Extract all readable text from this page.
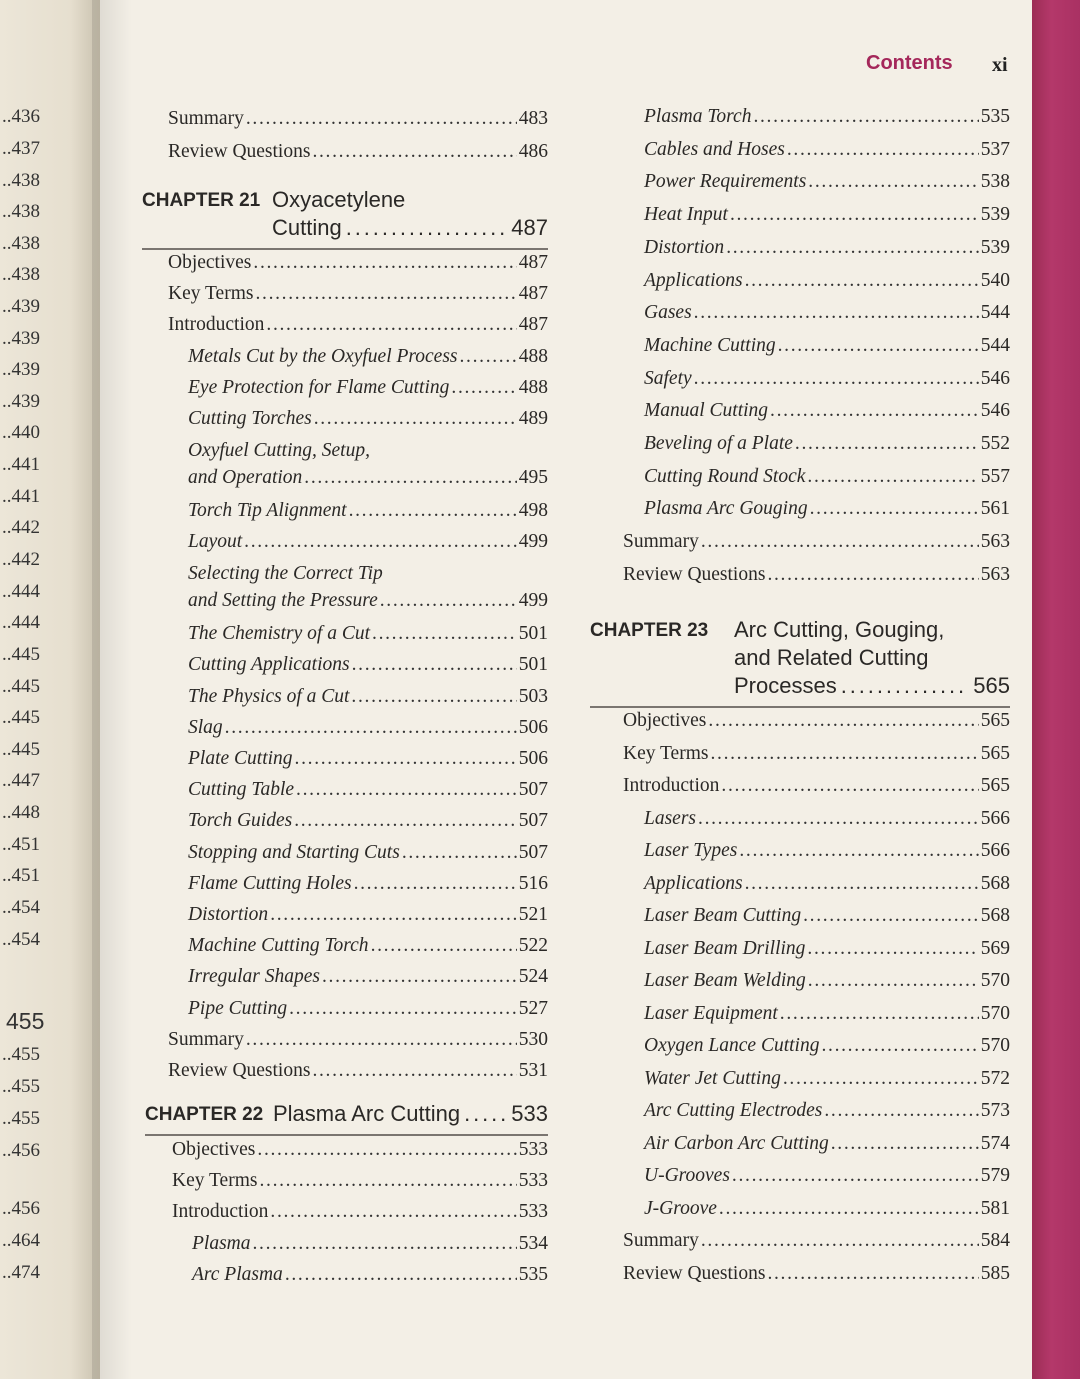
..436
..437
..438
..438
..438
..438
..439
..439
..439
..439
..440
..441
..441
..442
..442
..444
..444
..445
..445
..445
..445
..447
..448
..451
..451
..454
..454
455
..455
..455
..455
..456
..456
..464
..474
Contents xi
Summary . . .	483
Review Questions . . .	486
CHAPTER 21 Oxyacetylene
Cutting . . .	487
Objectives . . .	487
Key Terms . . .	487
Introduction . . .	487
Metals Cut by the Oxyfuel Process . . .	488
Eye Protection for Flame Cutting . . .	488
Cutting Torches . . .	489
Oxyfuel Cutting, Setup,
and Operation . . .	495
Torch Tip Alignment . . .	498
Layout . . .	499
Selecting the Correct Tip
and Setting the Pressure . . .	499
The Chemistry of a Cut . . .	501
Cutting Applications . . .	501
The Physics of a Cut . . .	503
Slag . . .	506
Plate Cutting . . .	506
Cutting Table . . .	507
Torch Guides . . .	507
Stopping and Starting Cuts . . .	507
Flame Cutting Holes . . .	516
Distortion . . .	521
Machine Cutting Torch . . .	522
Irregular Shapes . . .	524
Pipe Cutting . . .	527
Summary . . .	530
Review Questions . . .	531
CHAPTER 22 Plasma Arc Cutting . . . 533
Objectives . . .	533
Key Terms . . .	533
Introduction . . .	533
Plasma . . .	534
Arc Plasma . . .	535
Plasma Torch . . .	535
Cables and Hoses . . .	537
Power Requirements . . .	538
Heat Input . . .	539
Distortion . . .	539
Applications . . .	540
Gases . . .	544
Machine Cutting . . .	544
Safety . . .	546
Manual Cutting . . .	546
Beveling of a Plate . . .	552
Cutting Round Stock . . .	557
Plasma Arc Gouging . . .	561
Summary . . .	563
Review Questions . . .	563
CHAPTER 23 Arc Cutting, Gouging,
and Related Cutting
Processes . . .	565
Objectives . . .	565
Key Terms . . .	565
Introduction . . .	565
Lasers . . .	566
Laser Types . . .	566
Applications . . .	568
Laser Beam Cutting . . .	568
Laser Beam Drilling . . .	569
Laser Beam Welding . . .	570
Laser Equipment . . .	570
Oxygen Lance Cutting . . .	570
Water Jet Cutting . . .	572
Arc Cutting Electrodes . . .	573
Air Carbon Arc Cutting . . .	574
U-Grooves . . .	579
J-Groove . . .	581
Summary . . .	584
Review Questions . . .	585
